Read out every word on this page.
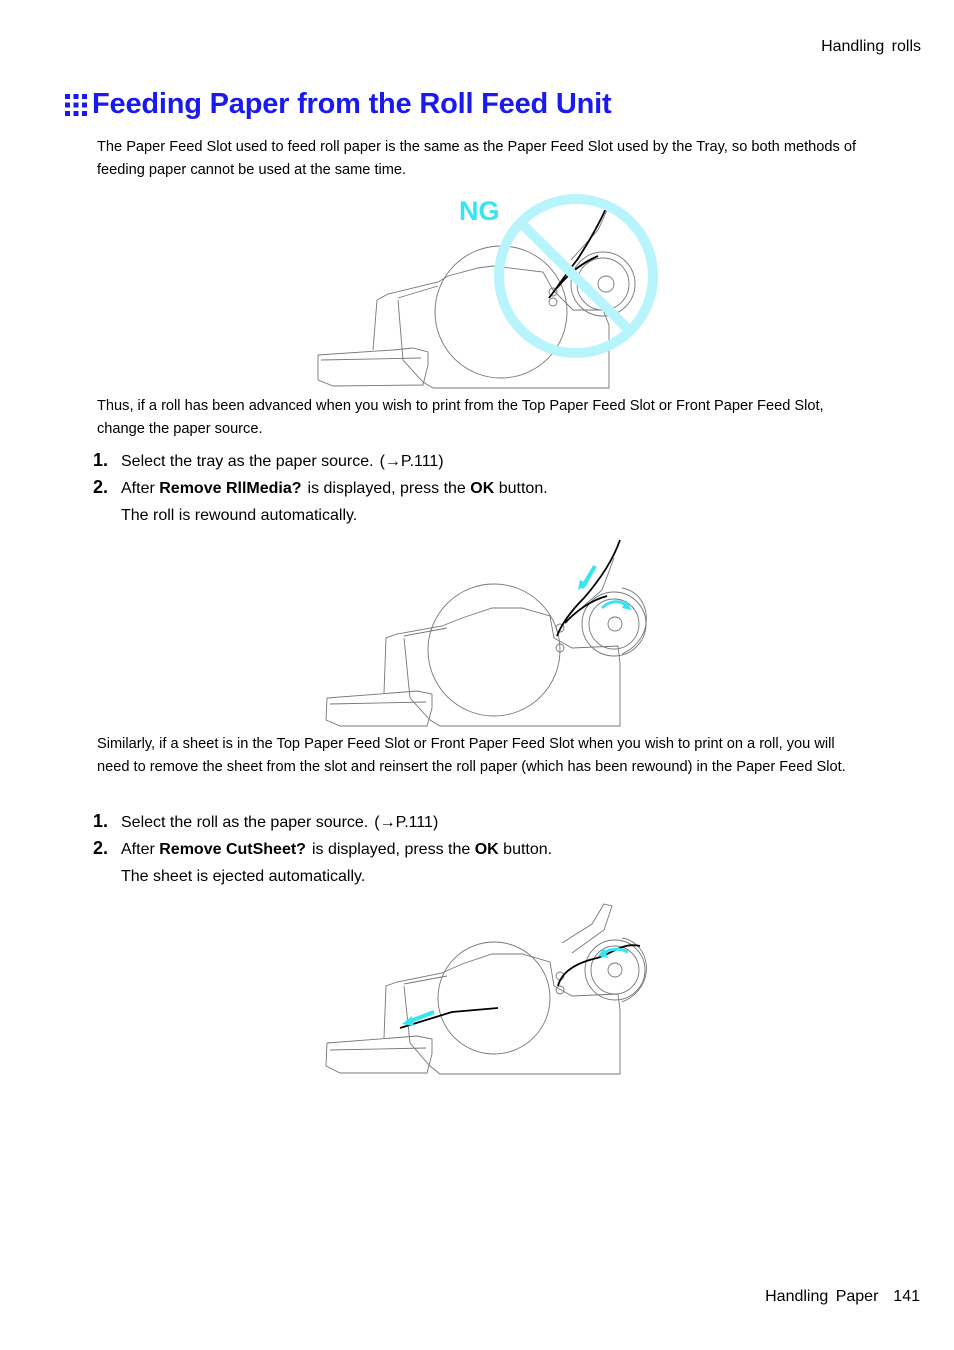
Handling rolls
Feeding Paper from the Roll Feed Unit
The Paper Feed Slot used to feed roll paper is the same as the Paper Feed Slot used by the Tray, so both methods of feeding paper cannot be used at the same time.
NG
Thus, if a roll has been advanced when you wish to print from the Top Paper Feed Slot or Front Paper Feed Slot, change the paper source.
1. Select the tray as the paper source. (→P.111)
2. After Remove RllMedia? is displayed, press the OK button.
The roll is rewound automatically.
Similarly, if a sheet is in the Top Paper Feed Slot or Front Paper Feed Slot when you wish to print on a roll, you will need to remove the sheet from the slot and reinsert the roll paper (which has been rewound) in the Paper Feed Slot.
1. Select the roll as the paper source. (→P.111)
2. After Remove CutSheet? is displayed, press the OK button.
The sheet is ejected automatically.
Handling Paper 141
